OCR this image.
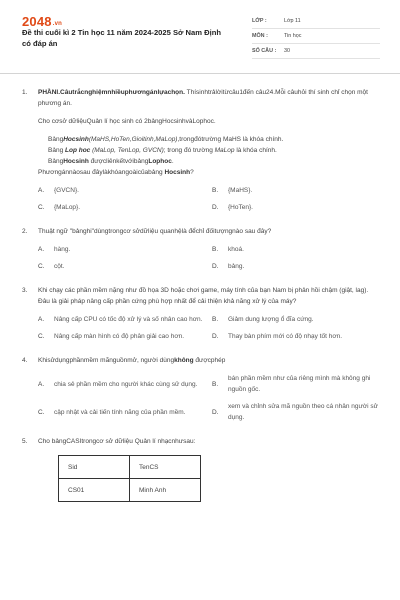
2048.vn
Đề thi cuối kì 2 Tin học 11 năm 2024-2025 Sở Nam Định có đáp án
LỚP :	Lớp 11
MÔN :	Tin học
SỐ CÂU :	30
1. PHẦNI.Câutrắcnghiệmnhiềuphươngánlựachọn. Thísinhtrảlờitừcâu1đến câu24.Mỗi câuhỏi thí sinh chỉ chọn một phương án.

Cho cơsở dữliệuQuản lí học sinh có 2bảngHocsinhvàLophoc.

BảngHocsinh(MaHS,HoTen,Gioitinh,MaLop),trongđótrường MaHS là khóa chính.

Bảng Lop hoc (MaLop, TenLop, GVCN); trong đó trường MaLop là khóa chính.

BảngHocsinh đượcliênkếtvớibảngLophoc.

Phươngánnàosau đâylàkhóangoàicủabảng Hocsinh?

A.	{GVCN}.	B.	{MaHS}.
C.	{MaLop}.	D.	{HoTen}.
2. Thuật ngữ "bảnghi"dùngtrongcơ sởdữliệu quanhệlà đểchỉ đốitượngnào sau đây?

A.	hàng.	B.	khoá.
C.	cột.	D.	bảng.
3. Khi chạy các phần mềm nặng như đồ họa 3D hoặc chơi game, máy tính của bạn Nam bị phản hồi chậm (giật, lag). Đâu là giải pháp nâng cấp phần cứng phù hợp nhất để cải thiện khả năng xử lý của máy?

A.	Nâng cấp CPU có tốc độ xử lý và số nhân cao hơn. B.	Giảm dung lượng ổ đĩa cứng.
C.	Nâng cấp màn hình có độ phân giải cao hơn.	D.	Thay bàn phím mới có độ nhạy tốt hơn.
4. Khisửdụngphầnmềm mãnguồnmở, người dùngkhông đượcphép

A.	chia sẻ phần mềm cho người khác cùng sử dụng. B.
bán phần mềm như của riêng mình mà không ghi nguồn gốc.
C.	cập nhật và cải tiến tính năng của phần mềm.	D.
xem và chỉnh sửa mã nguồn theo cá nhân người sử dụng.
5. Cho bảngCASItrongcơ sở dữliệu Quản lí nhạcnhưsau:

Sid	TenCS
CS01	Minh Anh
